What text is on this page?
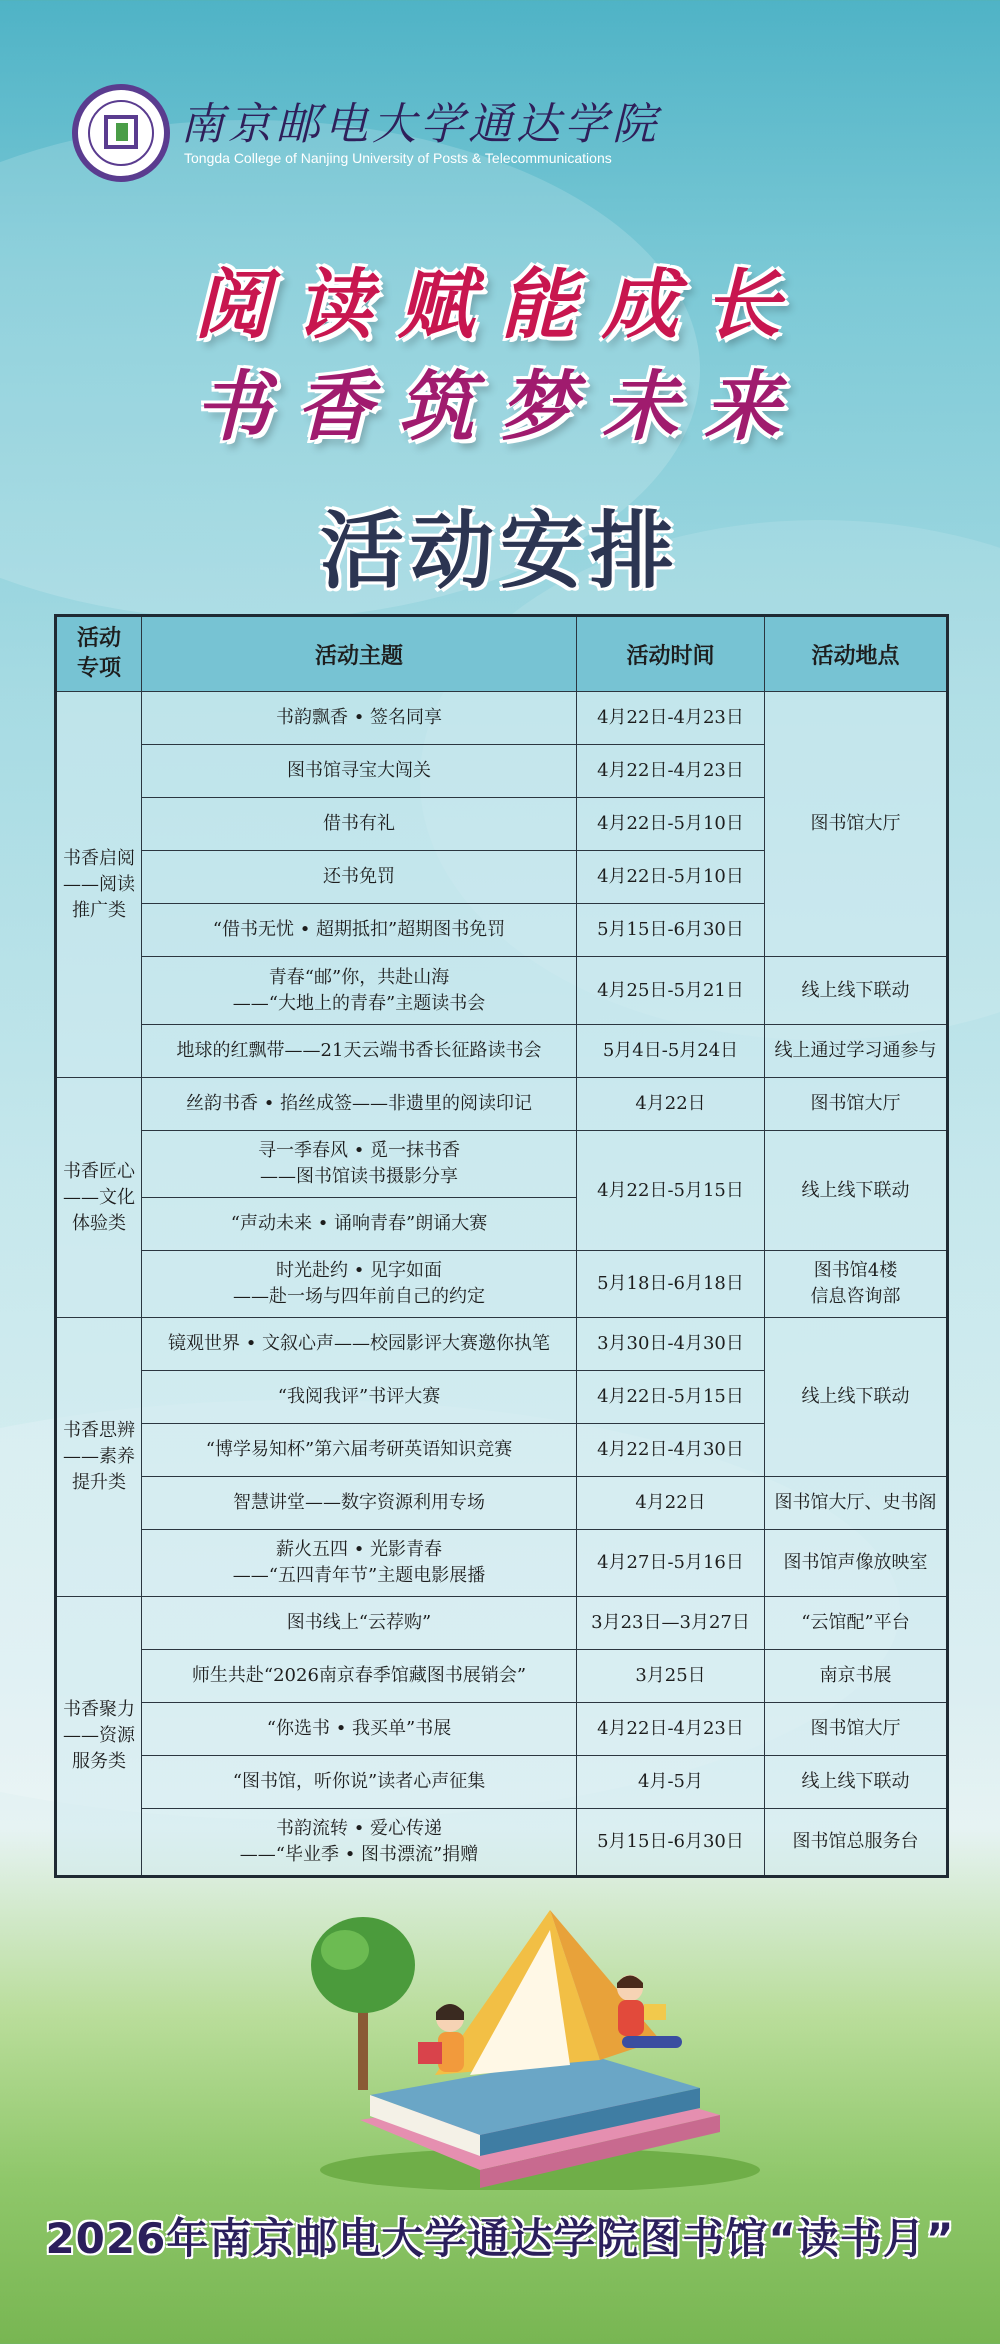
南京邮电大学通达学院
Tongda College of Nanjing University of Posts & Telecommunications
阅读赋能成长
书香筑梦未来
活动安排
活动
专项	活动主题	活动时间	活动地点
书香启阅
——阅读
推广类	书韵飘香 • 签名同享	4月22日-4月23日	图书馆大厅
	图书馆寻宝大闯关	4月22日-4月23日	
	借书有礼	4月22日-5月10日	
	还书免罚	4月22日-5月10日	
	“借书无忧 • 超期抵扣”超期图书免罚	5月15日-6月30日	
	青春“邮”你，共赴山海
——“大地上的青春”主题读书会	4月25日-5月21日	线上线下联动
	地球的红飘带——21天云端书香长征路读书会	5月4日-5月24日	线上通过学习通参与
书香匠心
——文化
体验类	丝韵书香 • 掐丝成签——非遗里的阅读印记	4月22日	图书馆大厅
	寻一季春风 • 觅一抹书香
——图书馆读书摄影分享	4月22日-5月15日	线上线下联动
	“声动未来 • 诵响青春”朗诵大赛		
	时光赴约 • 见字如面
——赴一场与四年前自己的约定	5月18日-6月18日	图书馆4楼
信息咨询部
书香思辨
——素养
提升类	镜观世界 • 文叙心声——校园影评大赛邀你执笔	3月30日-4月30日	线上线下联动
	“我阅我评”书评大赛	4月22日-5月15日	
	“博学易知杯”第六届考研英语知识竞赛	4月22日-4月30日	
	智慧讲堂——数字资源利用专场	4月22日	图书馆大厅、史书阁
	薪火五四 • 光影青春
——“五四青年节”主题电影展播	4月27日-5月16日	图书馆声像放映室
书香聚力
——资源
服务类	图书线上“云荐购”	3月23日—3月27日	“云馆配”平台
	师生共赴“2026南京春季馆藏图书展销会”	3月25日	南京书展
	“你选书 • 我买单”书展	4月22日-4月23日	图书馆大厅
	“图书馆，听你说”读者心声征集	4月-5月	线上线下联动
	书韵流转 • 爱心传递
——“毕业季 • 图书漂流”捐赠	5月15日-6月30日	图书馆总服务台
2026年南京邮电大学通达学院图书馆“读书月”
